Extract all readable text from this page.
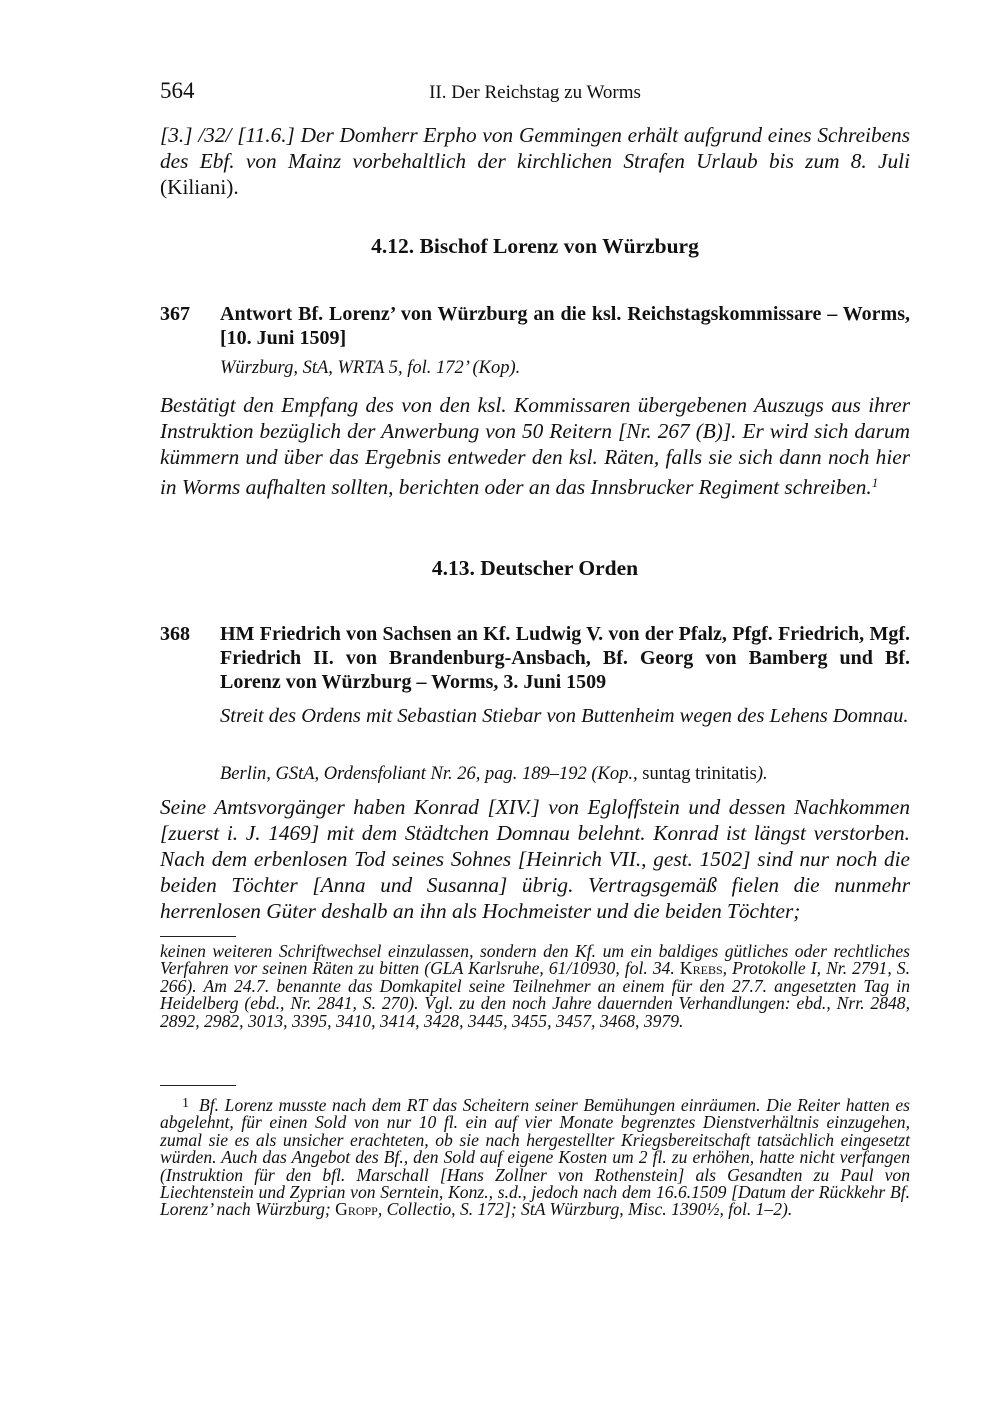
564	II. Der Reichstag zu Worms

[3.] /32/ [11.6.] Der Domherr Erpho von Gemmingen erhält aufgrund eines Schreibens des Ebf. von Mainz vorbehaltlich der kirchlichen Strafen Urlaub bis zum 8. Juli (Kiliani).

4.12. Bischof Lorenz von Würzburg
367 Antwort Bf. Lorenz’ von Würzburg an die ksl. Reichstagskommissare – Worms, [10. Juni 1509]
Würzburg, StA, WRTA 5, fol. 172’ (Kop).

Bestätigt den Empfang des von den ksl. Kommissaren übergebenen Auszugs aus ihrer Instruktion bezüglich der Anwerbung von 50 Reitern [Nr. 267 (B)]. Er wird sich darum kümmern und über das Ergebnis entweder den ksl. Räten, falls sie sich dann noch hier in Worms aufhalten sollten, berichten oder an das Innsbrucker Regiment schreiben.$^1$

4.13. Deutscher Orden
368 HM Friedrich von Sachsen an Kf. Ludwig V. von der Pfalz, Pfgf. Friedrich, Mgf. Friedrich II. von Brandenburg-Ansbach, Bf. Georg von Bamberg und Bf. Lorenz von Würzburg – Worms, 3. Juni 1509
Streit des Ordens mit Sebastian Stiebar von Buttenheim wegen des Lehens Domnau.
Berlin, GStA, Ordensfoliant Nr. 26, pag. 189–192 (Kop., suntag trinitatis).

Seine Amtsvorgänger haben Konrad [XIV.] von Egloffstein und dessen Nachkommen [zuerst i. J. 1469] mit dem Städtchen Domnau belehnt. Konrad ist längst verstorben. Nach dem erbenlosen Tod seines Sohnes [Heinrich VII., gest. 1502] sind nur noch die beiden Töchter [Anna und Susanna] übrig. Vertragsgemäß fielen die nunmehr herrenlosen Güter deshalb an ihn als Hochmeister und die beiden Töchter;

keinen weiteren Schriftwechsel einzulassen, sondern den Kf. um ein baldiges gütliches oder rechtliches Verfahren vor seinen Räten zu bitten (GLA Karlsruhe, 61/10930, fol. 34. Krebs, Protokolle I, Nr. 2791, S. 266). Am 24.7. benannte das Domkapitel seine Teilnehmer an einem für den 27.7. angesetzten Tag in Heidelberg (ebd., Nr. 2841, S. 270). Vgl. zu den noch Jahre dauernden Verhandlungen: ebd., Nrr. 2848, 2892, 2982, 3013, 3395, 3410, 3414, 3428, 3445, 3455, 3457, 3468, 3979.

$^1$ Bf. Lorenz musste nach dem RT das Scheitern seiner Bemühungen einräumen. Die Reiter hatten es abgelehnt, für einen Sold von nur 10 fl. ein auf vier Monate begrenztes Dienstverhältnis einzugehen, zumal sie es als unsicher erachteten, ob sie nach hergestellter Kriegsbereitschaft tatsächlich eingesetzt würden. Auch das Angebot des Bf., den Sold auf eigene Kosten um 2 fl. zu erhöhen, hatte nicht verfangen (Instruktion für den bfl. Marschall [Hans Zollner von Rothenstein] als Gesandten zu Paul von Liechtenstein und Zyprian von Serntein, Konz., s.d., jedoch nach dem 16.6.1509 [Datum der Rückkehr Bf. Lorenz’ nach Würzburg; Gropp, Collectio, S. 172]; StA Würzburg, Misc. 1390½, fol. 1–2).
